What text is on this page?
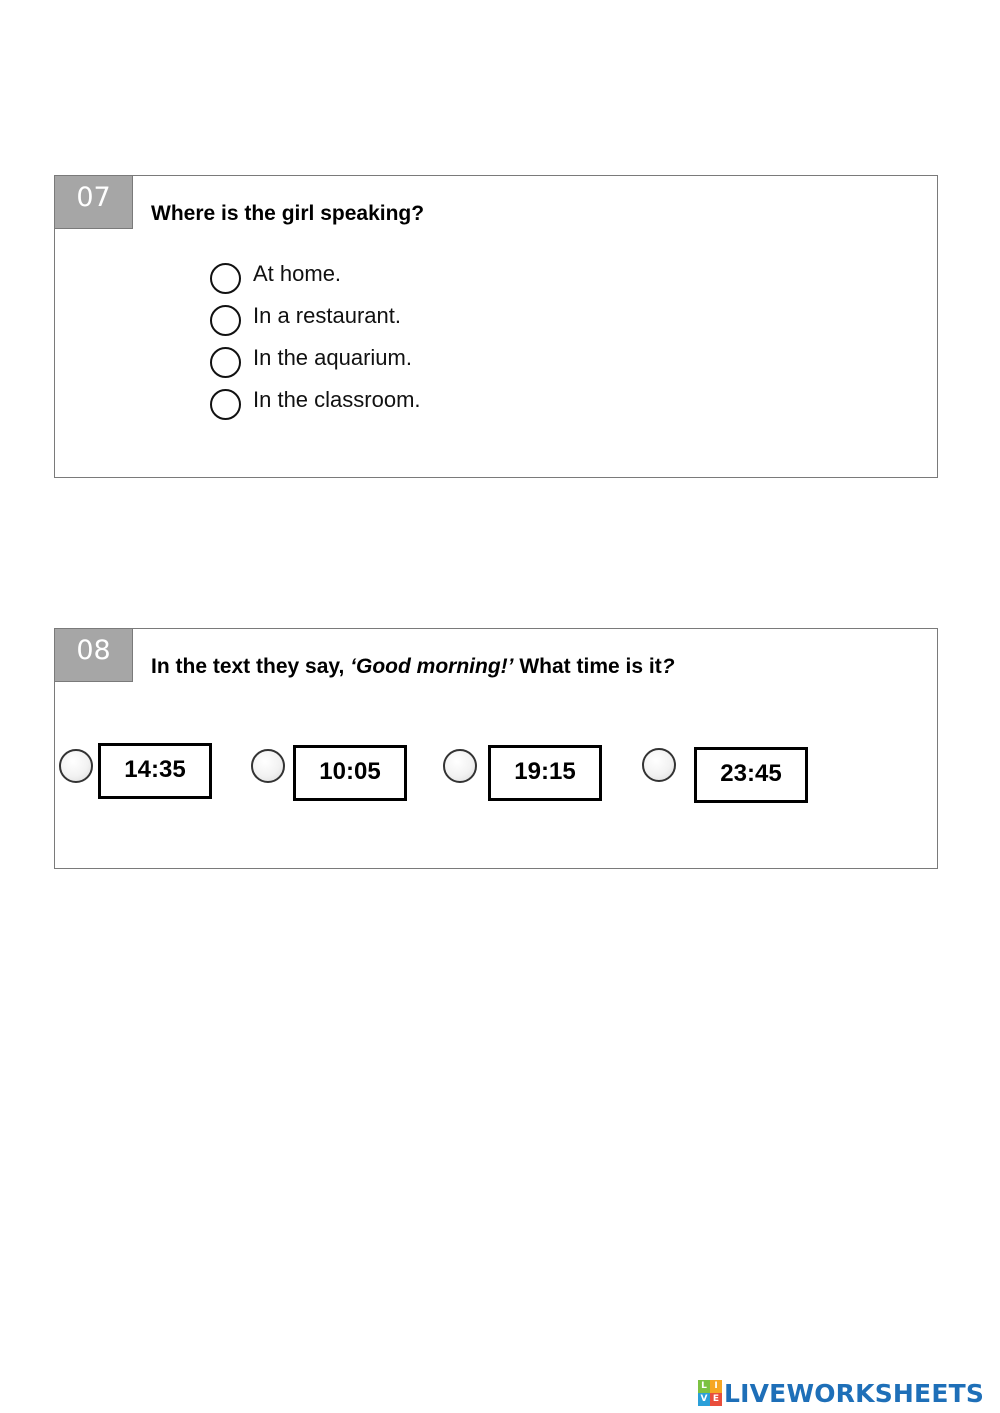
07
Where is the girl speaking?
At home.
In a restaurant.
In the aquarium.
In the classroom.
08
In the text they say, ‘Good morning!’ What time is it?
14:35	10:05	19:15	23:45
L I
V E LIVEWORKSHEETS
